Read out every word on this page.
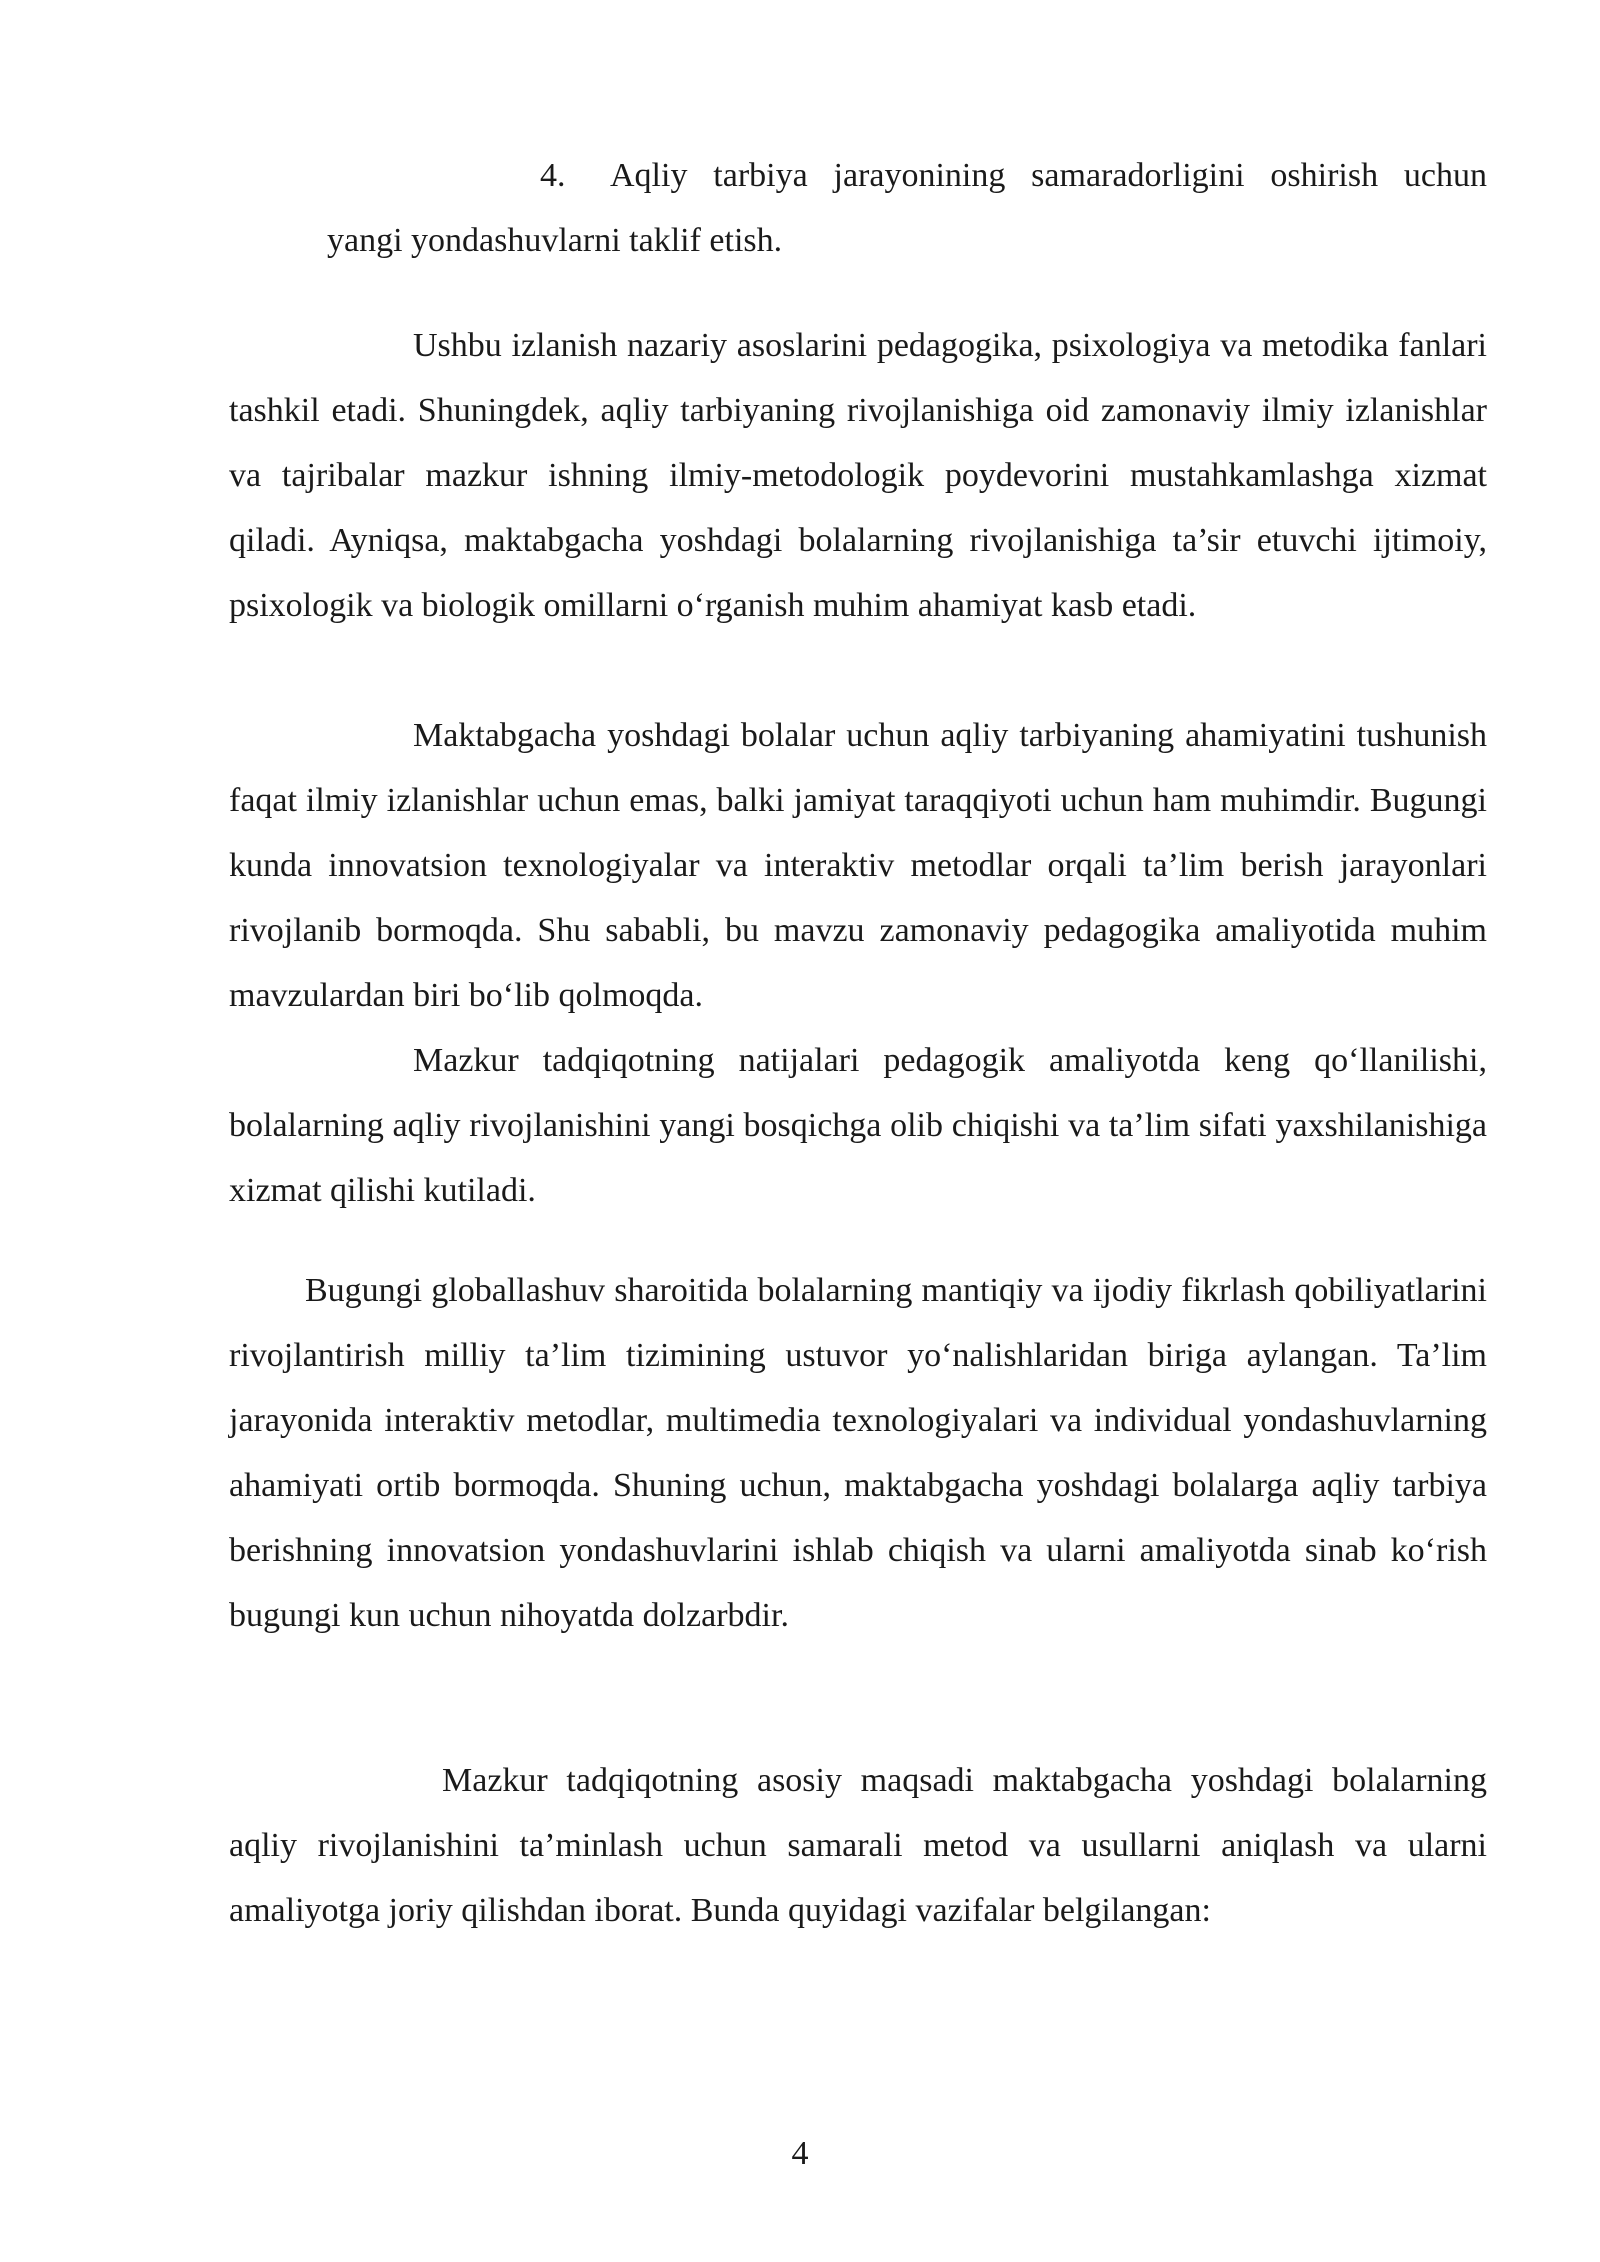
4. Aqliy tarbiya jarayonining samaradorligini oshirish uchun
yangi yondashuvlarni taklif etish.

Ushbu izlanish nazariy asoslarini pedagogika, psixologiya va metodika fanlari tashkil etadi. Shuningdek, aqliy tarbiyaning rivojlanishiga oid zamonaviy ilmiy izlanishlar va tajribalar mazkur ishning ilmiy-metodologik poydevorini mustahkamlashga xizmat qiladi. Ayniqsa, maktabgacha yoshdagi bolalarning rivojlanishiga ta’sir etuvchi ijtimoiy, psixologik va biologik omillarni o‘rganish muhim ahamiyat kasb etadi.

Maktabgacha yoshdagi bolalar uchun aqliy tarbiyaning ahamiyatini tushunish faqat ilmiy izlanishlar uchun emas, balki jamiyat taraqqiyoti uchun ham muhimdir. Bugungi kunda innovatsion texnologiyalar va interaktiv metodlar orqali ta’lim berish jarayonlari rivojlanib bormoqda. Shu sababli, bu mavzu zamonaviy pedagogika amaliyotida muhim mavzulardan biri bo‘lib qolmoqda.

Mazkur tadqiqotning natijalari pedagogik amaliyotda keng qo‘llanilishi, bolalarning aqliy rivojlanishini yangi bosqichga olib chiqishi va ta’lim sifati yaxshilanishiga xizmat qilishi kutiladi.

Bugungi globallashuv sharoitida bolalarning mantiqiy va ijodiy fikrlash qobiliyatlarini rivojlantirish milliy ta’lim tizimining ustuvor yo‘nalishlaridan biriga aylangan. Ta’lim jarayonida interaktiv metodlar, multimedia texnologiyalari va individual yondashuvlarning ahamiyati ortib bormoqda. Shuning uchun, maktabgacha yoshdagi bolalarga aqliy tarbiya berishning innovatsion yondashuvlarini ishlab chiqish va ularni amaliyotda sinab ko‘rish bugungi kun uchun nihoyatda dolzarbdir.

Mazkur tadqiqotning asosiy maqsadi maktabgacha yoshdagi bolalarning aqliy rivojlanishini ta’minlash uchun samarali metod va usullarni aniqlash va ularni amaliyotga joriy qilishdan iborat. Bunda quyidagi vazifalar belgilangan:

4
